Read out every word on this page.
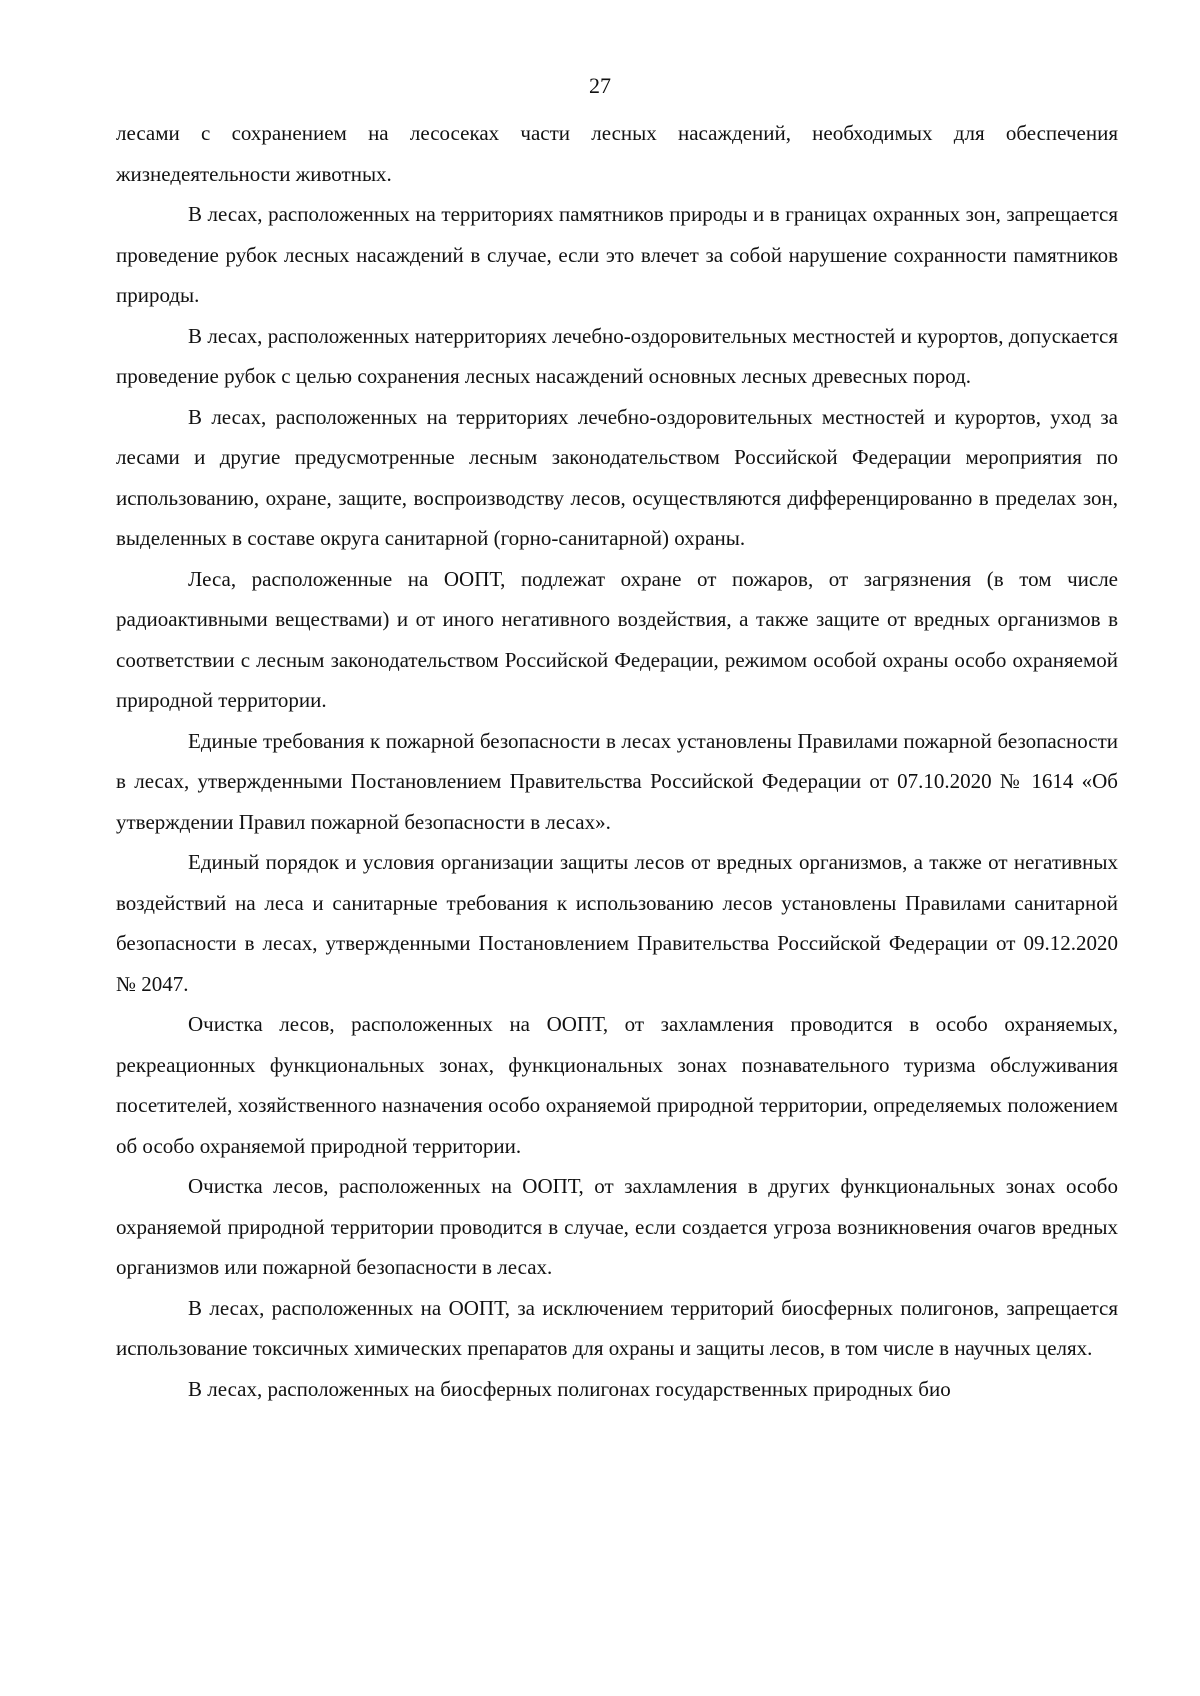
27

лесами с сохранением на лесосеках части лесных насаждений, необходимых для обеспечения жизнедеятельности животных.

В лесах, расположенных на территориях памятников природы и в границах охранных зон, запрещается проведение рубок лесных насаждений в случае, если это влечет за собой нарушение сохранности памятников природы.

В лесах, расположенных натерриториях лечебно-оздоровительных местностей и курортов, допускается проведение рубок с целью сохранения лесных насаждений основных лесных древесных пород.

В лесах, расположенных на территориях лечебно-оздоровительных местностей и курортов, уход за лесами и другие предусмотренные лесным законодательством Российской Федерации мероприятия по использованию, охране, защите, воспроизводству лесов, осуществляются дифференцированно в пределах зон, выделенных в составе округа санитарной (горно-санитарной) охраны.

Леса, расположенные на ООПТ, подлежат охране от пожаров, от загрязнения (в том числе радиоактивными веществами) и от иного негативного воздействия, а также защите от вредных организмов в соответствии с лесным законодательством Российской Федерации, режимом особой охраны особо охраняемой природной территории.

Единые требования к пожарной безопасности в лесах установлены Правилами пожарной безопасности в лесах, утвержденными Постановлением Правительства Российской Федерации от 07.10.2020 № 1614 «Об утверждении Правил пожарной безопасности в лесах».

Единый порядок и условия организации защиты лесов от вредных организмов, а также от негативных воздействий на леса и санитарные требования к использованию лесов установлены Правилами санитарной безопасности в лесах, утвержденными Постановлением Правительства Российской Федерации от 09.12.2020 № 2047.

Очистка лесов, расположенных на ООПТ, от захламления проводится в особо охраняемых, рекреационных функциональных зонах, функциональных зонах познавательного туризма обслуживания посетителей, хозяйственного назначения особо охраняемой природной территории, определяемых положением об особо охраняемой природной территории.

Очистка лесов, расположенных на ООПТ, от захламления в других функциональных зонах особо охраняемой природной территории проводится в случае, если создается угроза возникновения очагов вредных организмов или пожарной безопасности в лесах.

В лесах, расположенных на ООПТ, за исключением территорий биосферных полигонов, запрещается использование токсичных химических препаратов для охраны и защиты лесов, в том числе в научных целях.

В лесах, расположенных на биосферных полигонах государственных природных био
